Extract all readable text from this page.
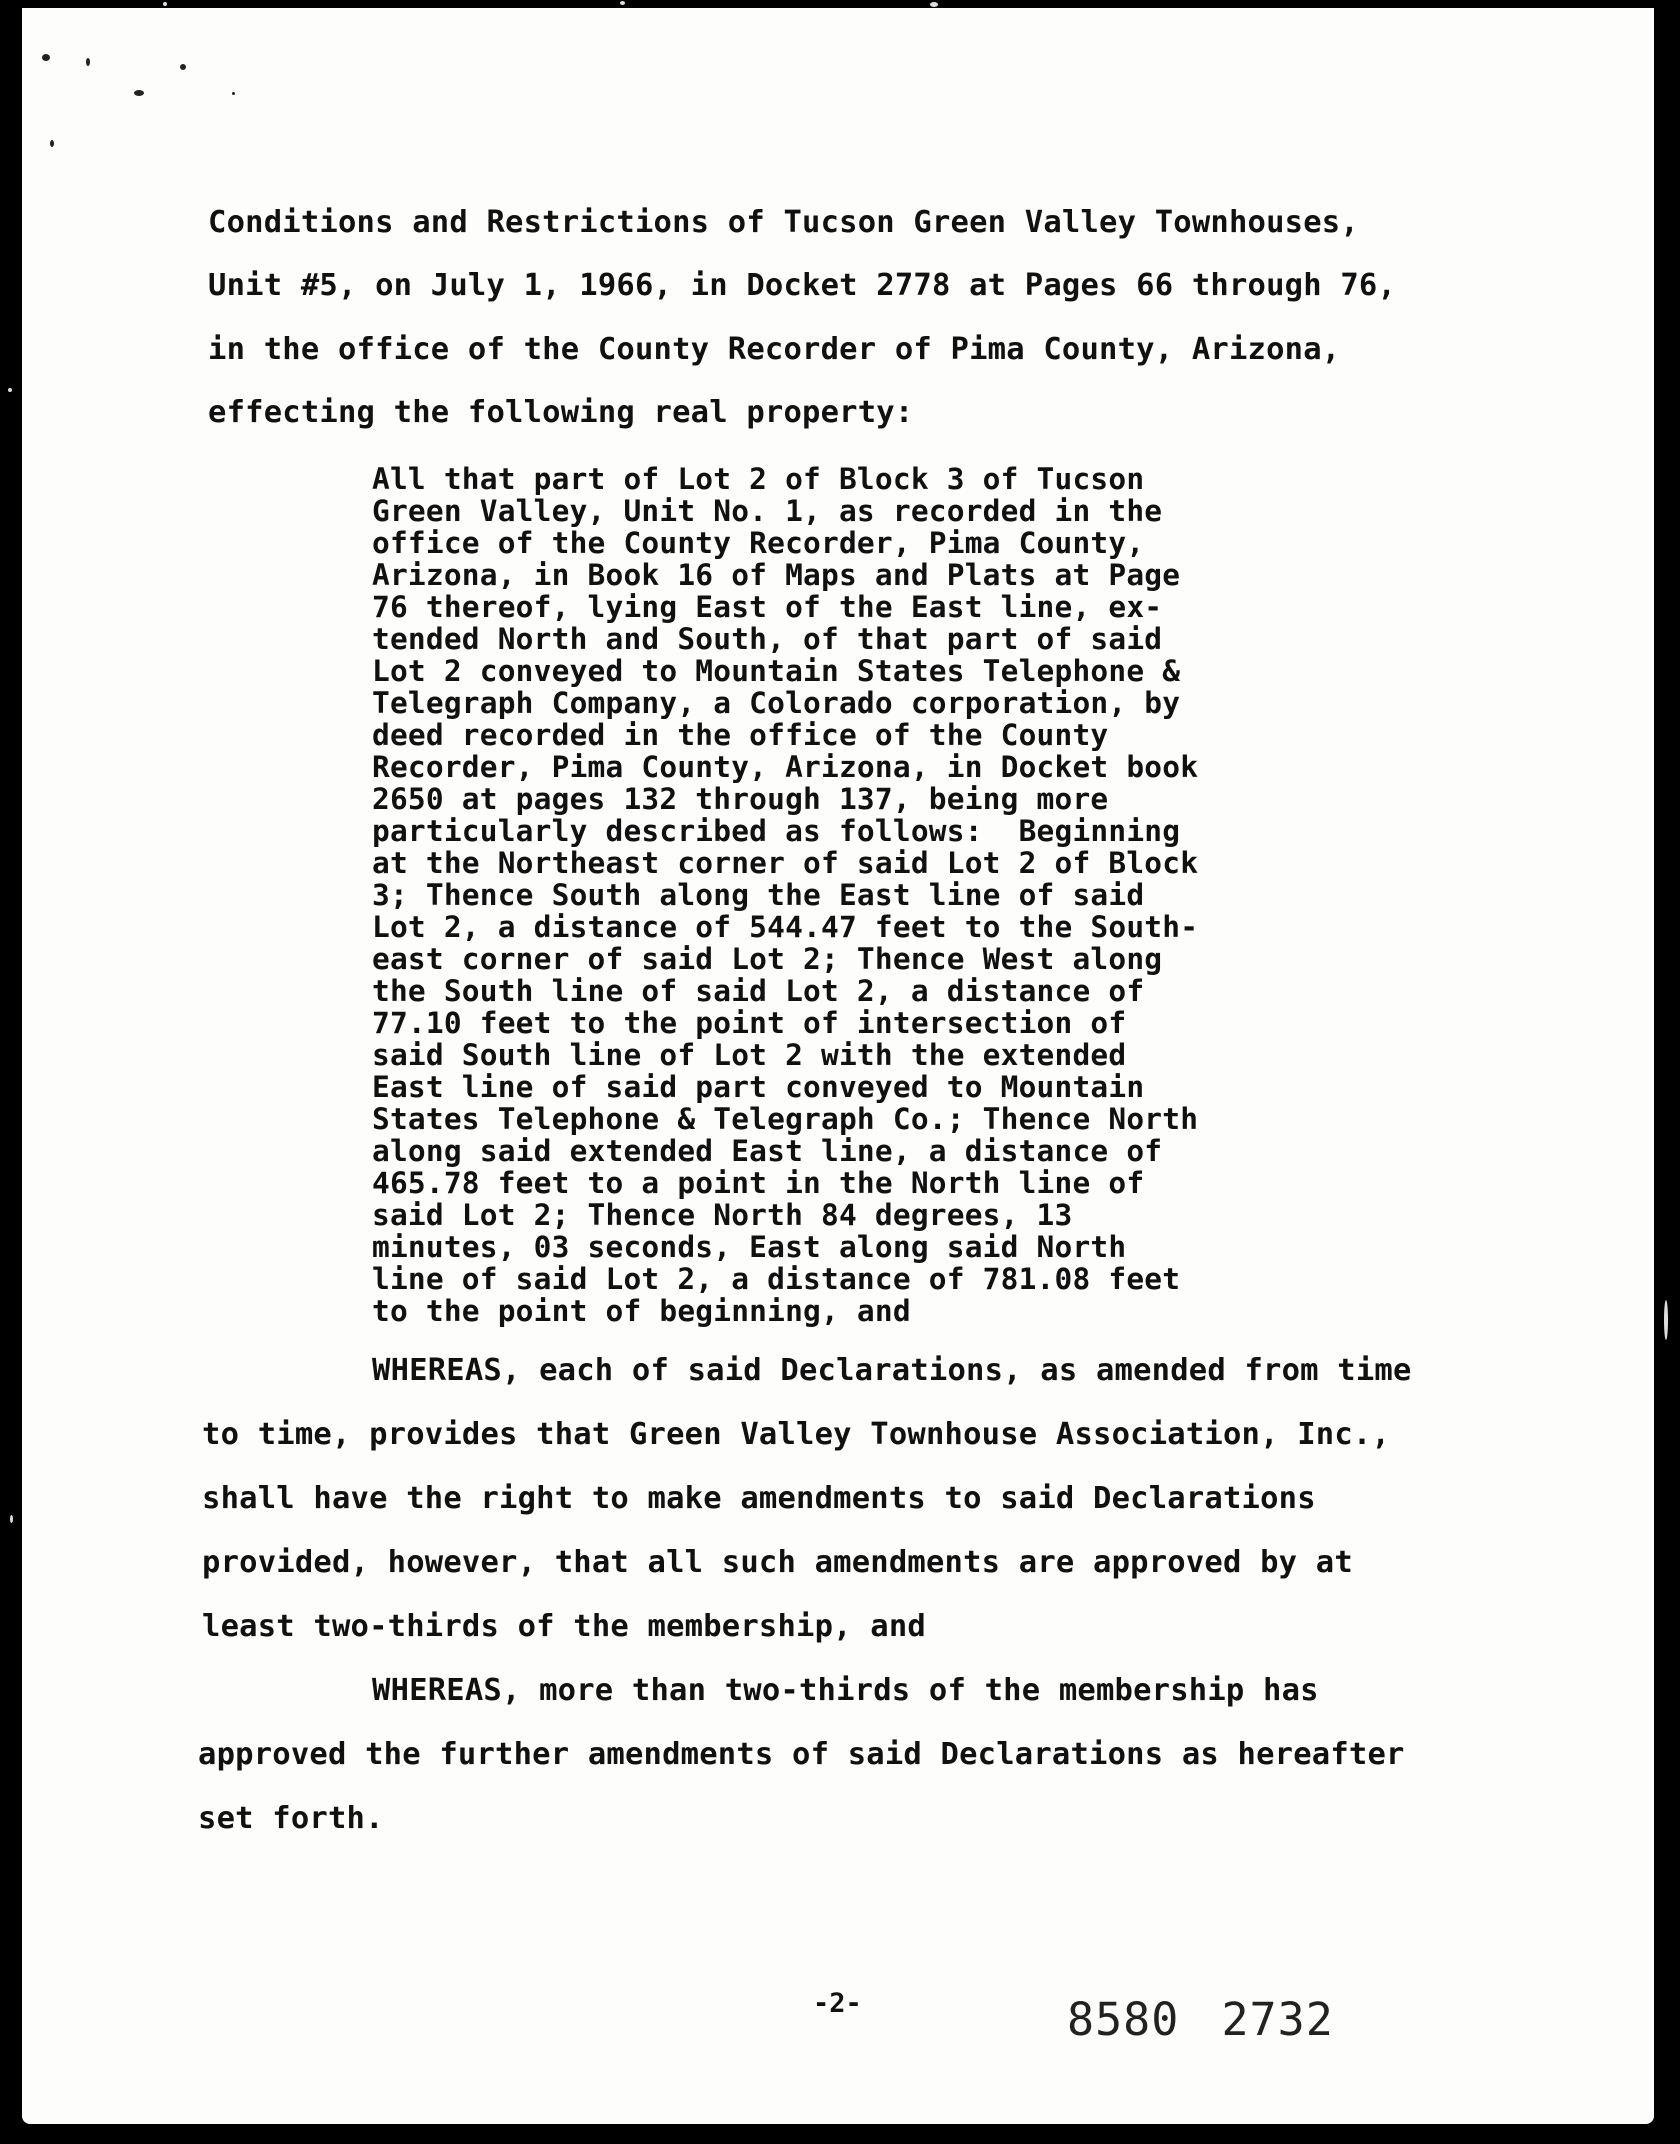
Conditions and Restrictions of Tucson Green Valley Townhouses,
Unit #5, on July 1, 1966, in Docket 2778 at Pages 66 through 76,
in the office of the County Recorder of Pima County, Arizona,
effecting the following real property:
All that part of Lot 2 of Block 3 of Tucson
Green Valley, Unit No. 1, as recorded in the
office of the County Recorder, Pima County,
Arizona, in Book 16 of Maps and Plats at Page
76 thereof, lying East of the East line, ex-
tended North and South, of that part of said
Lot 2 conveyed to Mountain States Telephone &
Telegraph Company, a Colorado corporation, by
deed recorded in the office of the County
Recorder, Pima County, Arizona, in Docket book
2650 at pages 132 through 137, being more
particularly described as follows:  Beginning
at the Northeast corner of said Lot 2 of Block
3; Thence South along the East line of said
Lot 2, a distance of 544.47 feet to the South-
east corner of said Lot 2; Thence West along
the South line of said Lot 2, a distance of
77.10 feet to the point of intersection of
said South line of Lot 2 with the extended
East line of said part conveyed to Mountain
States Telephone & Telegraph Co.; Thence North
along said extended East line, a distance of
465.78 feet to a point in the North line of
said Lot 2; Thence North 84 degrees, 13
minutes, 03 seconds, East along said North
line of said Lot 2, a distance of 781.08 feet
to the point of beginning, and
WHEREAS, each of said Declarations, as amended from time
to time, provides that Green Valley Townhouse Association, Inc.,
shall have the right to make amendments to said Declarations
provided, however, that all such amendments are approved by at
least two-thirds of the membership, and
WHEREAS, more than two-thirds of the membership has
approved the further amendments of said Declarations as hereafter
set forth.
-2-	8580 2732
